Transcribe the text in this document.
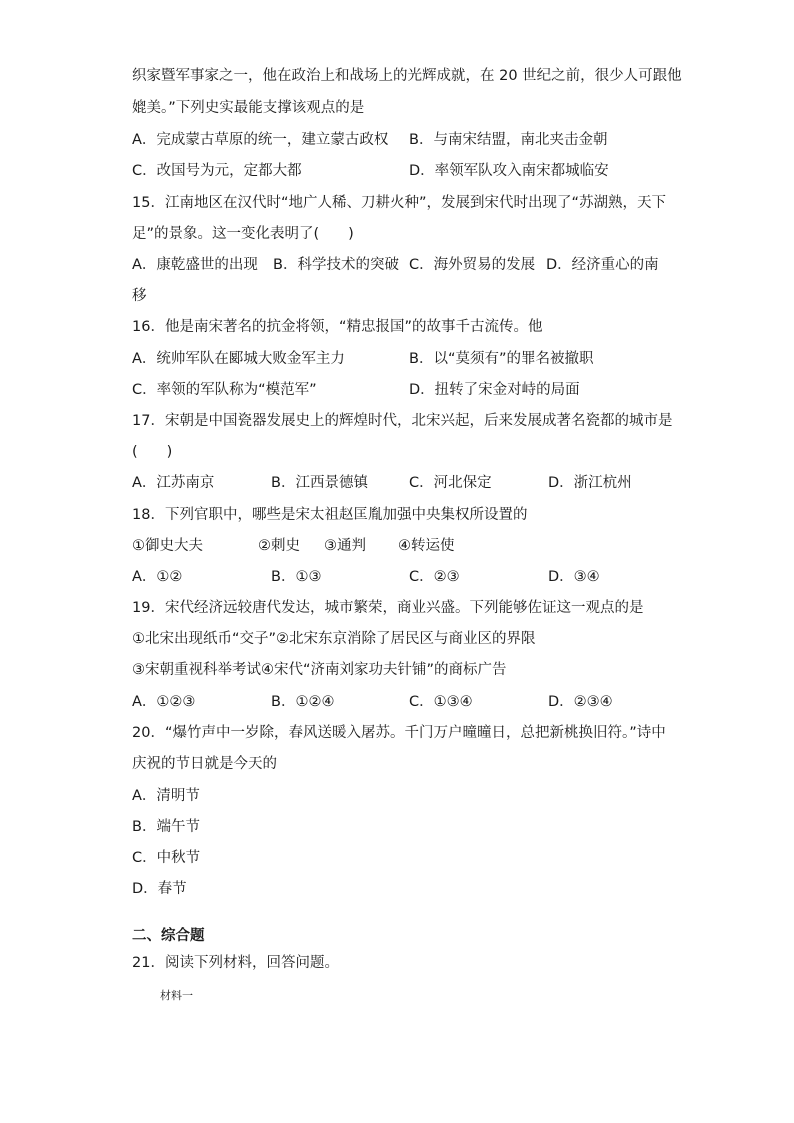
织家暨军事家之一，他在政治上和战场上的光辉成就，在 20 世纪之前，很少人可跟他
媲美。”下列史实最能支撑该观点的是
A．完成蒙古草原的统一，建立蒙古政权 B．与南宋结盟，南北夹击金朝
C．改国号为元，定都大都	D．率领军队攻入南宋都城临安
15．江南地区在汉代时“地广人稀、刀耕火种”，发展到宋代时出现了“苏湖熟，天下
足”的景象。这一变化表明了(　　)
A．康乾盛世的出现 B．科学技术的突破 C．海外贸易的发展 D．经济重心的南
移
16．他是南宋著名的抗金将领，“精忠报国”的故事千古流传。他
A．统帅军队在郾城大败金军主力	B．以“莫须有”的罪名被撤职
C．率领的军队称为“模范军”	D．扭转了宋金对峙的局面
17．宋朝是中国瓷器发展史上的辉煌时代，北宋兴起，后来发展成著名瓷都的城市是
(　　)
A．江苏南京	B．江西景德镇	C．河北保定	D．浙江杭州
18．下列官职中，哪些是宋太祖赵匡胤加强中央集权所设置的
①御史大夫	②刺史 ③通判 ④转运使
A．①②	B．①③	C．②③	D．③④
19．宋代经济远较唐代发达，城市繁荣，商业兴盛。下列能够佐证这一观点的是
①北宋出现纸币“交子”②北宋东京消除了居民区与商业区的界限
③宋朝重视科举考试④宋代“济南刘家功夫针铺”的商标广告
A．①②③	B．①②④	C．①③④	D．②③④
20．“爆竹声中一岁除，春风送暖入屠苏。千门万户曈曈日，总把新桃换旧符。”诗中
庆祝的节日就是今天的
A．清明节
B．端午节
C．中秋节
D．春节
二、综合题
21．阅读下列材料，回答问题。
材料一
